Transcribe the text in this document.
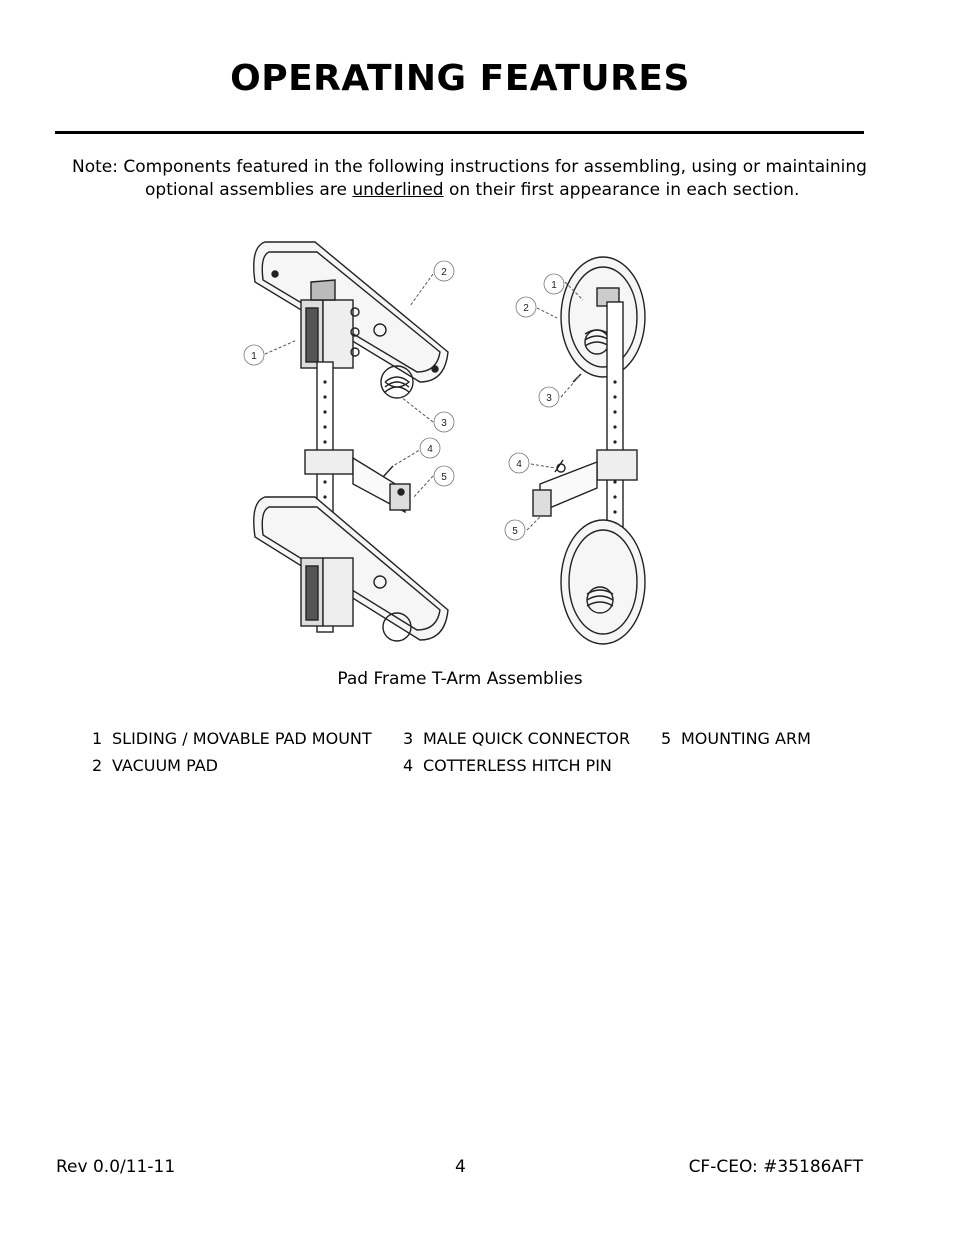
OPERATING FEATURES
Note: Components featured in the following instructions for assembling, using or maintaining
optional assemblies are underlined on their first appearance in each section.
1
2
3
4
5
1
2
3
4
5
Pad Frame T-Arm Assemblies
1 SLIDING / MOVABLE PAD MOUNT
2 VACUUM PAD
3 MALE QUICK CONNECTOR
4 COTTERLESS HITCH PIN
5 MOUNTING ARM
Rev 0.0/11-11	4	CF-CEO: #35186AFT
